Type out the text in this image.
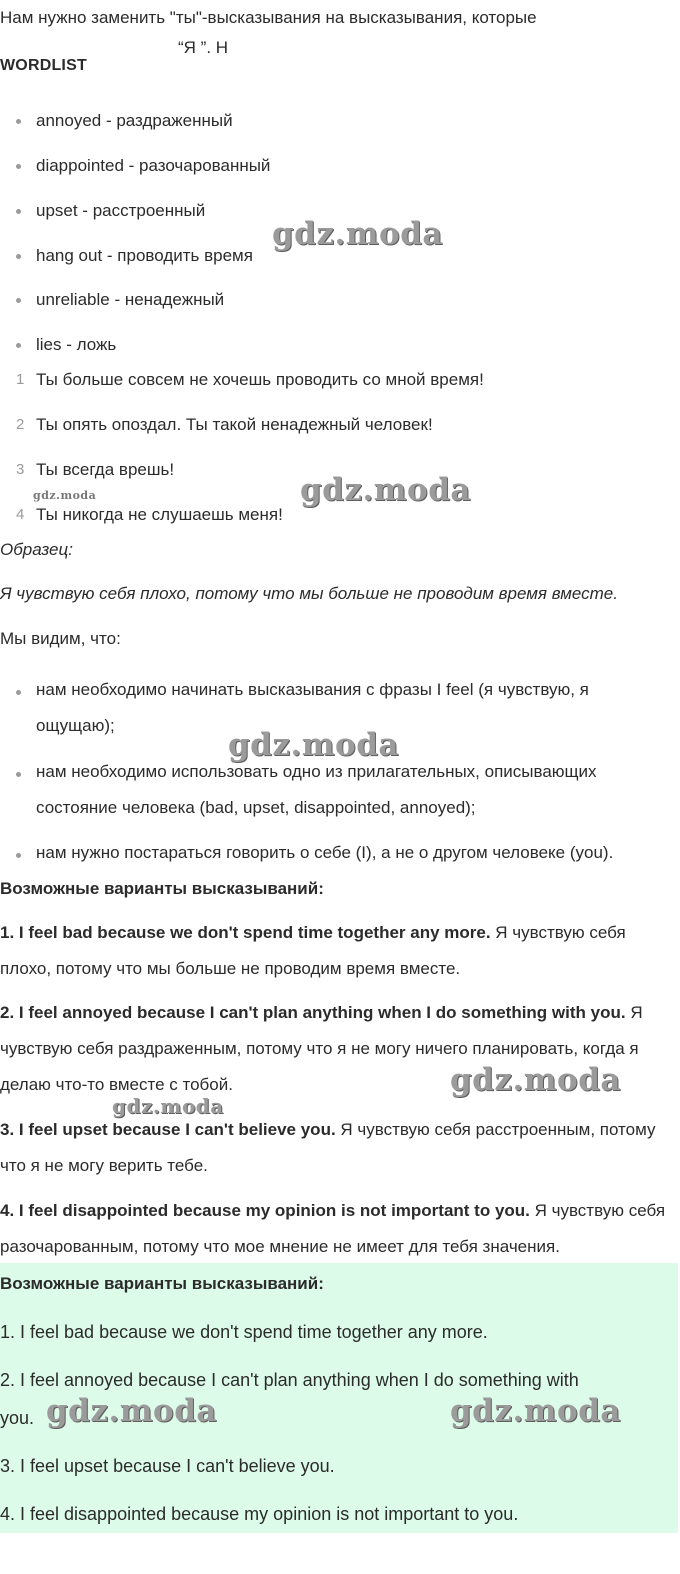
Нам нужно заменить "ты"-высказывания на высказывания, которые
“Я ”. Н
WORDLIST
annoyed - раздраженный
diappointed - разочарованный
upset - расстроенный
hang out - проводить время
unreliable - ненадежный
lies - ложь
1 Ты больше совсем не хочешь проводить со мной время!
2 Ты опять опоздал. Ты такой ненадежный человек!
3 Ты всегда врешь!
4 Ты никогда не слушаешь меня!
Образец:
Я чувствую себя плохо, потому что мы больше не проводим время вместе.
Мы видим, что:
нам необходимо начинать высказывания с фразы I feel (я чувствую, я ощущаю);
нам необходимо использовать одно из прилагательных, описывающих состояние человека (bad, upset, disappointed, annoyed);
нам нужно постараться говорить о себе (I), а не о другом человеке (you).
Возможные варианты высказываний:
1. I feel bad because we don't spend time together any more. Я чувствую себя плохо, потому что мы больше не проводим время вместе.
2. I feel annoyed because I can't plan anything when I do something with you. Я чувствую себя раздраженным, потому что я не могу ничего планировать, когда я делаю что-то вместе с тобой.
3. I feel upset because I can't believe you. Я чувствую себя расстроенным, потому что я не могу верить тебе.
4. I feel disappointed because my opinion is not important to you. Я чувствую себя разочарованным, потому что мое мнение не имеет для тебя значения.
Возможные варианты высказываний:
1. I feel bad because we don't spend time together any more.
2. I feel annoyed because I can't plan anything when I do something with
you.
3. I feel upset because I can't believe you.
4. I feel disappointed because my opinion is not important to you.
gdz.moda
gdz.moda	gdz.moda
gdz.moda
gdz.moda
gdz.moda
gdz.moda	gdz.moda
